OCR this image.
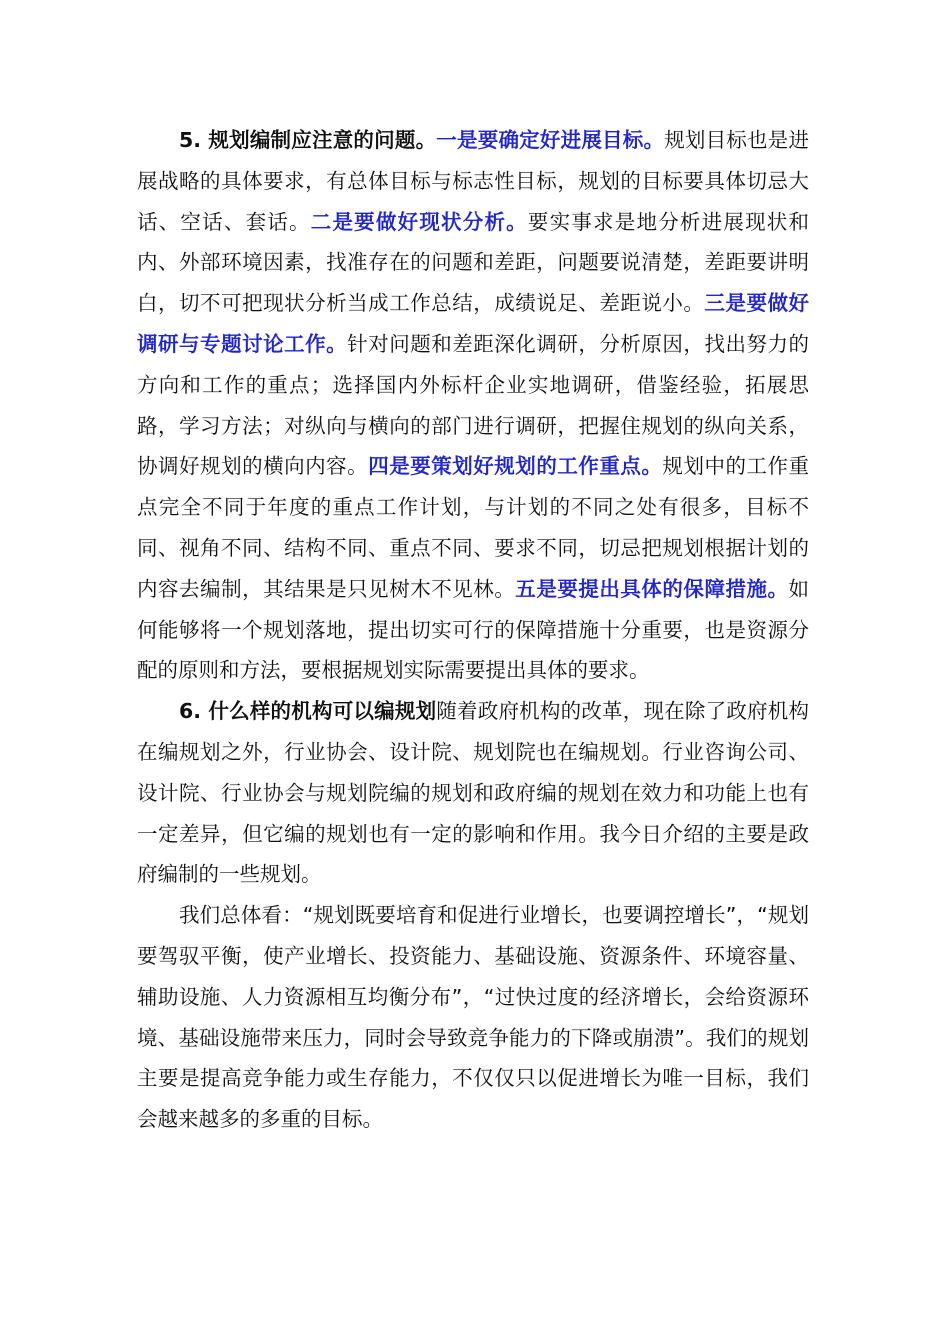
5. 规划编制应注意的问题。一是要确定好进展目标。规划目标也是进展战略的具体要求，有总体目标与标志性目标，规划的目标要具体切忌大话、空话、套话。二是要做好现状分析。要实事求是地分析进展现状和内、外部环境因素，找准存在的问题和差距，问题要说清楚，差距要讲明白，切不可把现状分析当成工作总结，成绩说足、差距说小。三是要做好调研与专题讨论工作。针对问题和差距深化调研，分析原因，找出努力的方向和工作的重点；选择国内外标杆企业实地调研，借鉴经验，拓展思路，学习方法；对纵向与横向的部门进行调研，把握住规划的纵向关系，协调好规划的横向内容。四是要策划好规划的工作重点。规划中的工作重点完全不同于年度的重点工作计划，与计划的不同之处有很多，目标不同、视角不同、结构不同、重点不同、要求不同，切忌把规划根据计划的内容去编制，其结果是只见树木不见林。五是要提出具体的保障措施。如何能够将一个规划落地，提出切实可行的保障措施十分重要，也是资源分配的原则和方法，要根据规划实际需要提出具体的要求。

6. 什么样的机构可以编规划随着政府机构的改革，现在除了政府机构在编规划之外，行业协会、设计院、规划院也在编规划。行业咨询公司、设计院、行业协会与规划院编的规划和政府编的规划在效力和功能上也有一定差异，但它编的规划也有一定的影响和作用。我今日介绍的主要是政府编制的一些规划。

我们总体看：“规划既要培育和促进行业增长，也要调控增长”，“规划要驾驭平衡，使产业增长、投资能力、基础设施、资源条件、环境容量、辅助设施、人力资源相互均衡分布”，“过快过度的经济增长，会给资源环境、基础设施带来压力，同时会导致竞争能力的下降或崩溃”。我们的规划主要是提高竞争能力或生存能力，不仅仅只以促进增长为唯一目标，我们会越来越多的多重的目标。
